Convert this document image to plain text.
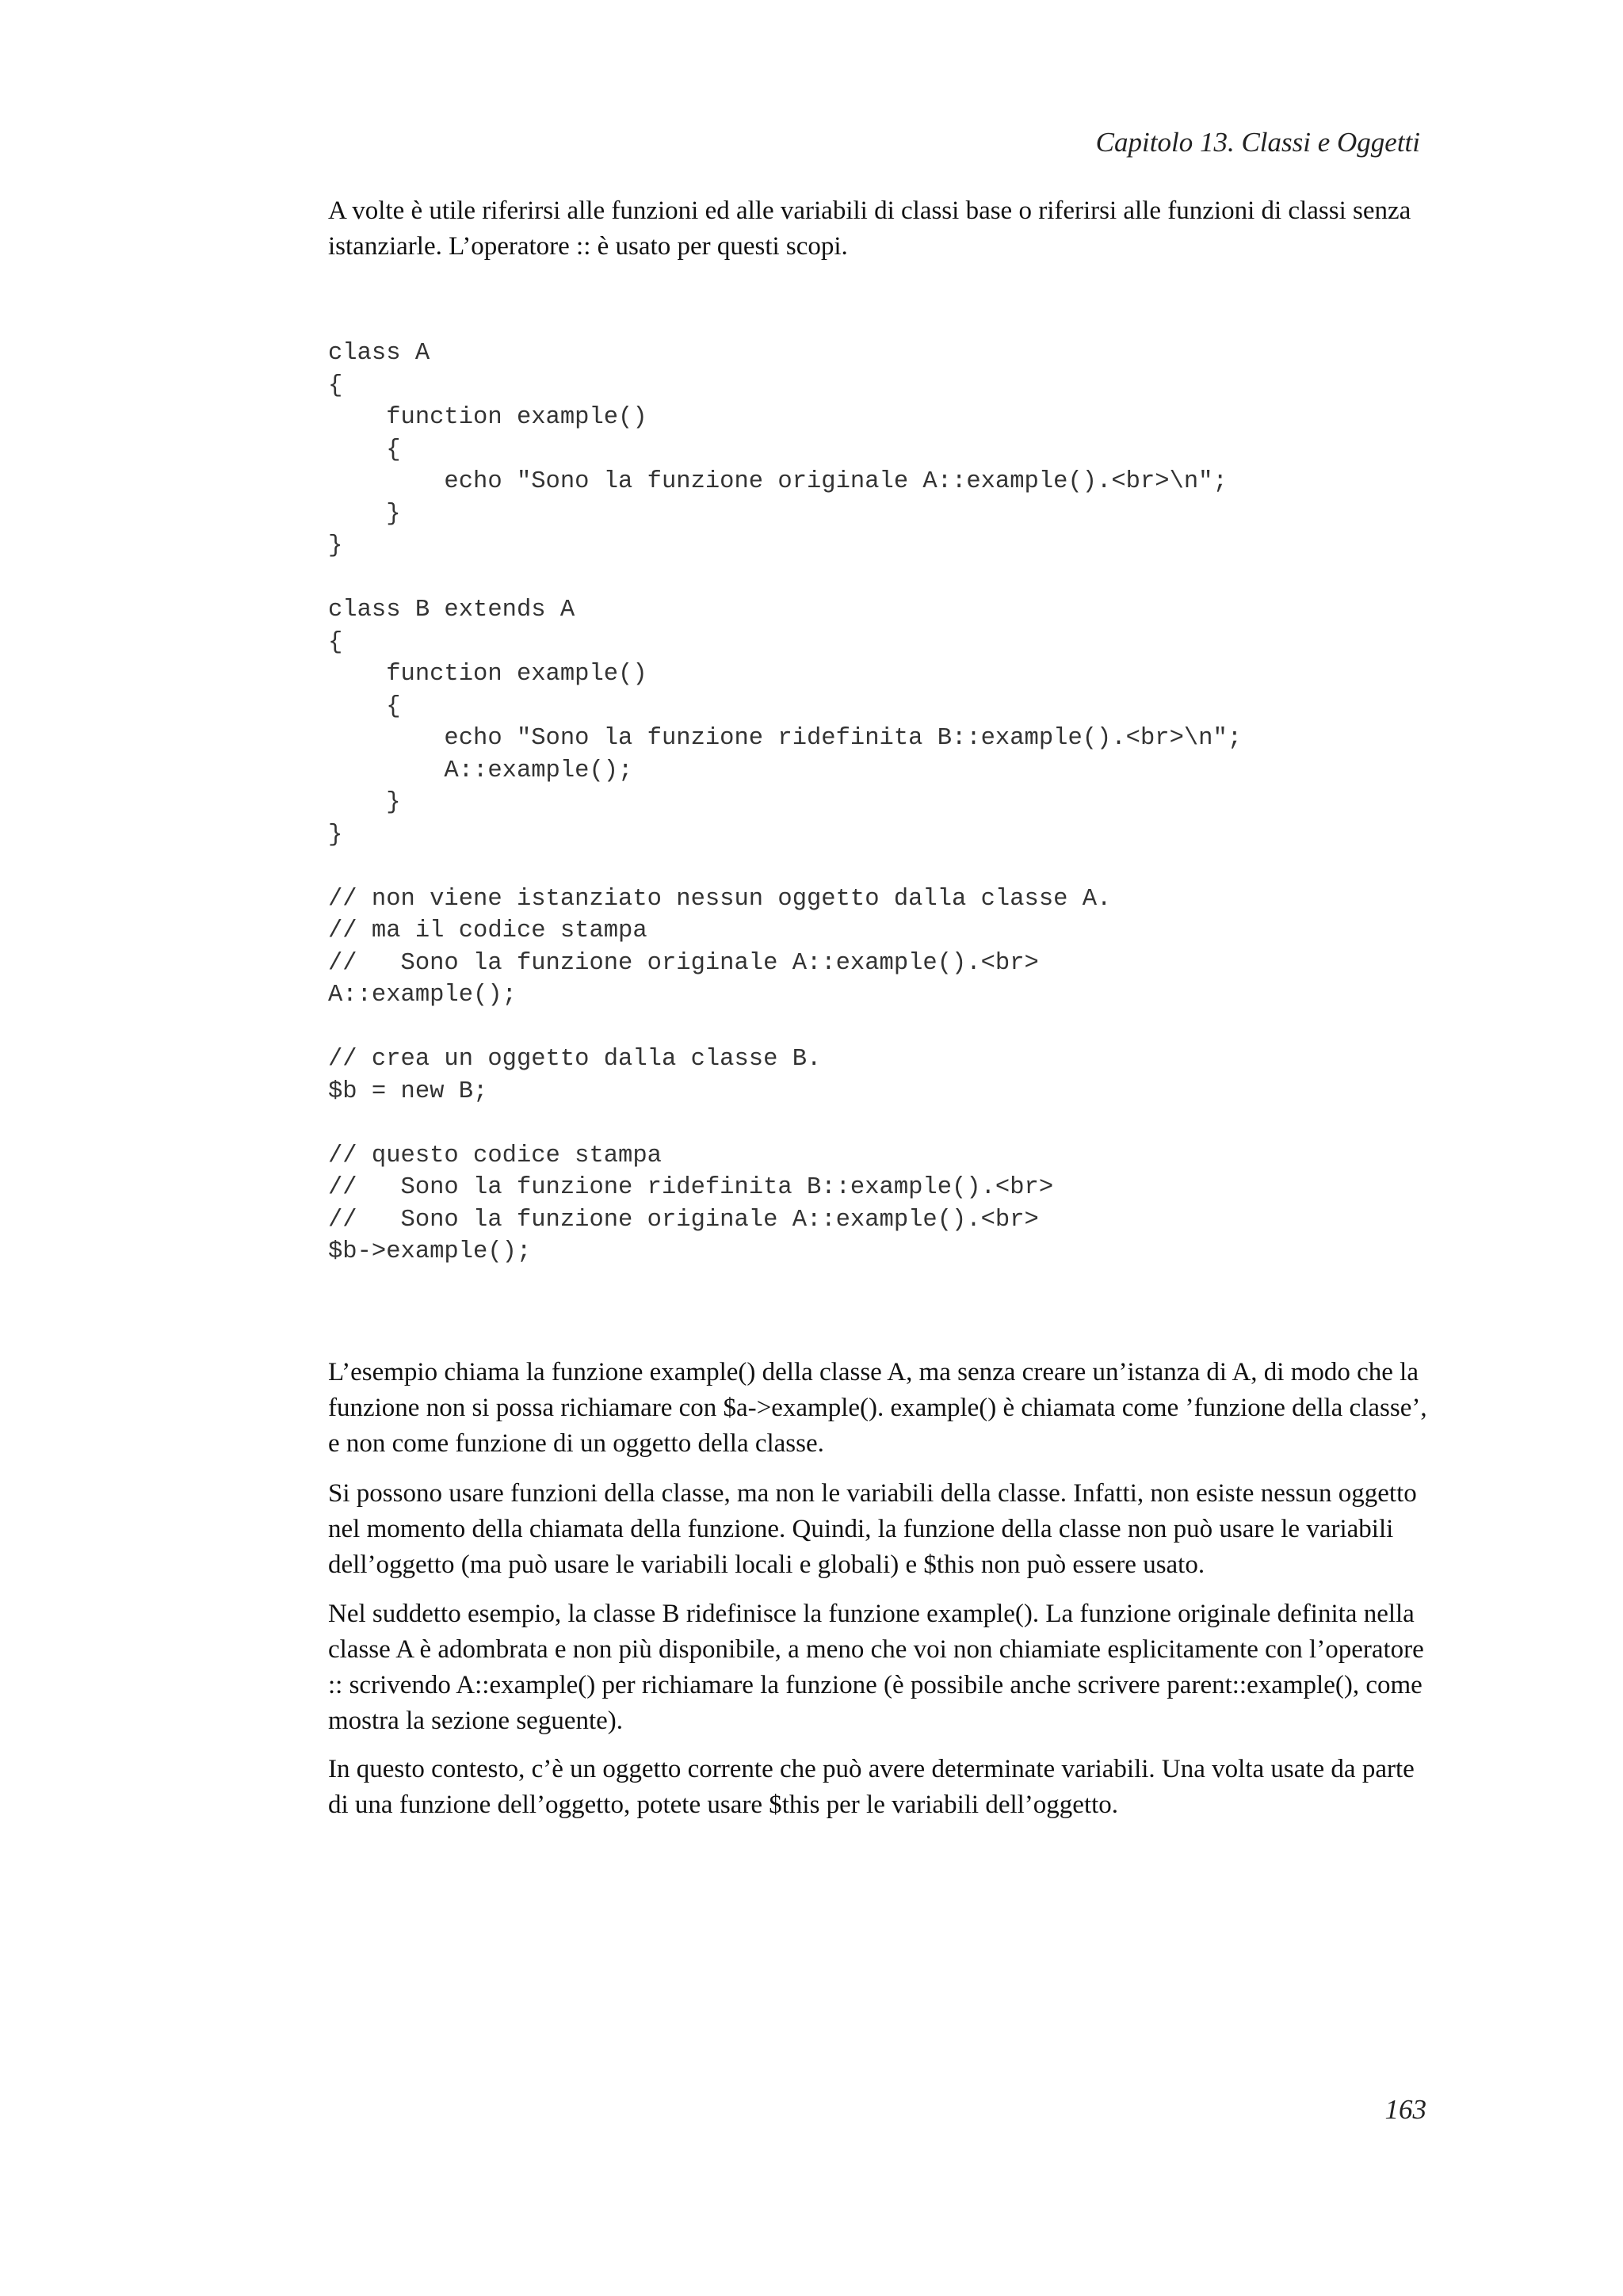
Capitolo 13. Classi e Oggetti

A volte è utile riferirsi alle funzioni ed alle variabili di classi base o riferirsi alle funzioni di classi senza istanziarle. L’operatore :: è usato per questi scopi.

class A
{
function example()
{
echo "Sono la funzione originale A::example().<br>\n";
}
}
class B extends A
{
function example()
{
echo "Sono la funzione ridefinita B::example().<br>\n";
A::example();
}
}
// non viene istanziato nessun oggetto dalla classe A.
// ma il codice stampa
//   Sono la funzione originale A::example().<br>
A::example();
// crea un oggetto dalla classe B.
$b = new B;
// questo codice stampa
//   Sono la funzione ridefinita B::example().<br>
//   Sono la funzione originale A::example().<br>
$b->example();

L’esempio chiama la funzione example() della classe A, ma senza creare un’istanza di A, di modo che la funzione non si possa richiamare con $a->example(). example() è chiamata come ’funzione della classe’, e non come funzione di un oggetto della classe.

Si possono usare funzioni della classe, ma non le variabili della classe. Infatti, non esiste nessun oggetto nel momento della chiamata della funzione. Quindi, la funzione della classe non può usare le variabili dell’oggetto (ma può usare le variabili locali e globali) e $this non può essere usato.

Nel suddetto esempio, la classe B ridefinisce la funzione example(). La funzione originale definita nella classe A è adombrata e non più disponibile, a meno che voi non chiamiate esplicitamente con l’operatore :: scrivendo A::example() per richiamare la funzione (è possibile anche scrivere parent::example(), come mostra la sezione seguente).

In questo contesto, c’è un oggetto corrente che può avere determinate variabili. Una volta usate da parte di una funzione dell’oggetto, potete usare $this per le variabili dell’oggetto.

163
